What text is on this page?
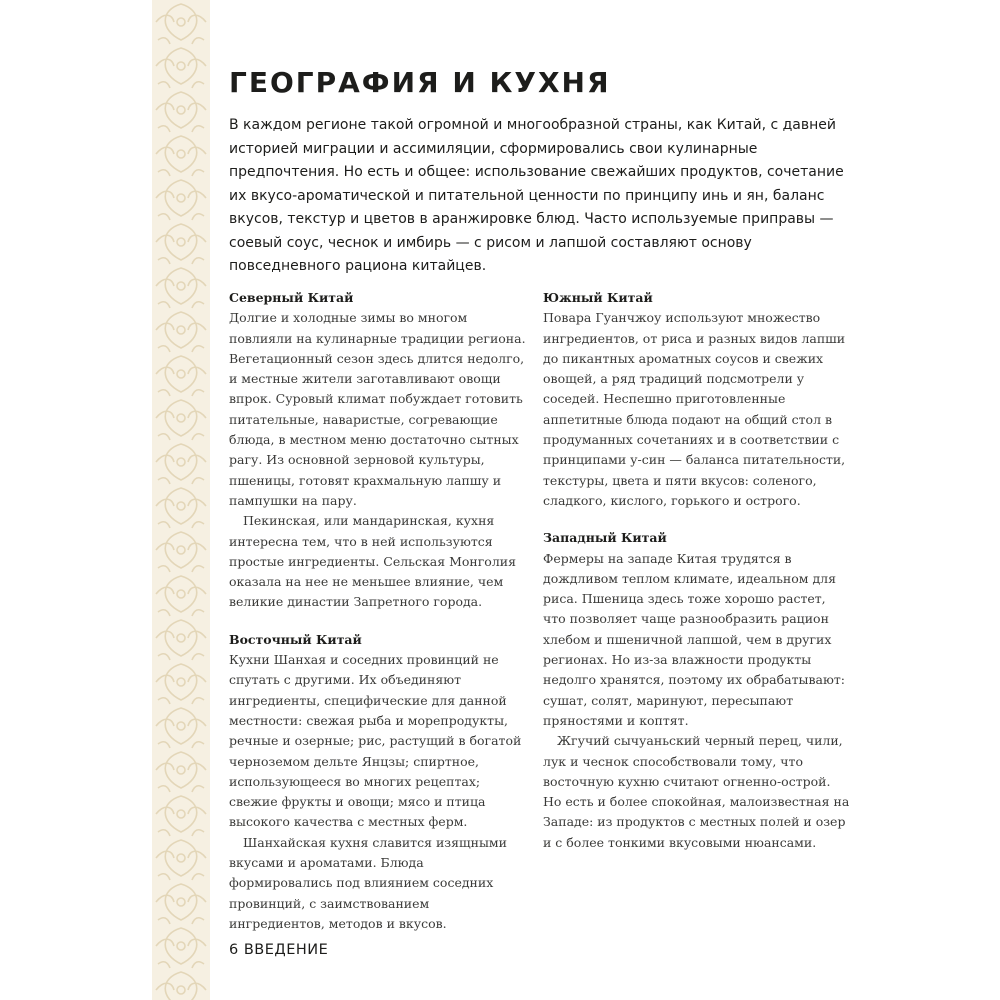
ГЕОГРАФИЯ И КУХНЯ

В каждом регионе такой огромной и многообразной страны, как Китай, с давней историей миграции и ассимиляции, сформировались свои кулинарные предпочтения. Но есть и общее: использование свежайших продуктов, сочетание их вкусо-ароматической и питательной ценности по принципу инь и ян, баланс вкусов, текстур и цветов в аранжировке блюд. Часто используемые приправы — соевый соус, чеснок и имбирь — с рисом и лапшой составляют основу повседневного рациона китайцев.

Северный Китай

Долгие и холодные зимы во многом повлияли на кулинарные традиции региона. Вегетационный сезон здесь длится недолго, и местные жители заготавливают овощи впрок. Суровый климат побуждает готовить питательные, наваристые, согревающие блюда, в местном меню достаточно сытных рагу. Из основной зерновой культуры, пшеницы, готовят крахмальную лапшу и пампушки на пару.

Пекинская, или мандаринская, кухня интересна тем, что в ней используются простые ингредиенты. Сельская Монголия оказала на нее не меньшее влияние, чем великие династии Запретного города.

Восточный Китай

Кухни Шанхая и соседних провинций не спутать с другими. Их объединяют ингредиенты, специфические для данной местности: свежая рыба и морепродукты, речные и озерные; рис, растущий в богатой черноземом дельте Янцзы; спиртное, использующееся во многих рецептах; свежие фрукты и овощи; мясо и птица высокого качества с местных ферм.

Шанхайская кухня славится изящными вкусами и ароматами. Блюда формировались под влиянием соседних провинций, с заимствованием ингредиентов, методов и вкусов.

Южный Китай

Повара Гуанчжоу используют множество ингредиентов, от риса и разных видов лапши до пикантных ароматных соусов и свежих овощей, а ряд традиций подсмотрели у соседей. Неспешно приготовленные аппетитные блюда подают на общий стол в продуманных сочетаниях и в соответствии с принципами у-син — баланса питательности, текстуры, цвета и пяти вкусов: соленого, сладкого, кислого, горького и острого.

Западный Китай

Фермеры на западе Китая трудятся в дождливом теплом климате, идеальном для риса. Пшеница здесь тоже хорошо растет, что позволяет чаще разнообразить рацион хлебом и пшеничной лапшой, чем в других регионах. Но из-за влажности продукты недолго хранятся, поэтому их обрабатывают: сушат, солят, маринуют, пересыпают пряностями и коптят.

Жгучий сычуаньский черный перец, чили, лук и чеснок способствовали тому, что восточную кухню считают огненно-острой. Но есть и более спокойная, малоизвестная на Западе: из продуктов с местных полей и озер и с более тонкими вкусовыми нюансами.

6 ВВЕДЕНИЕ
